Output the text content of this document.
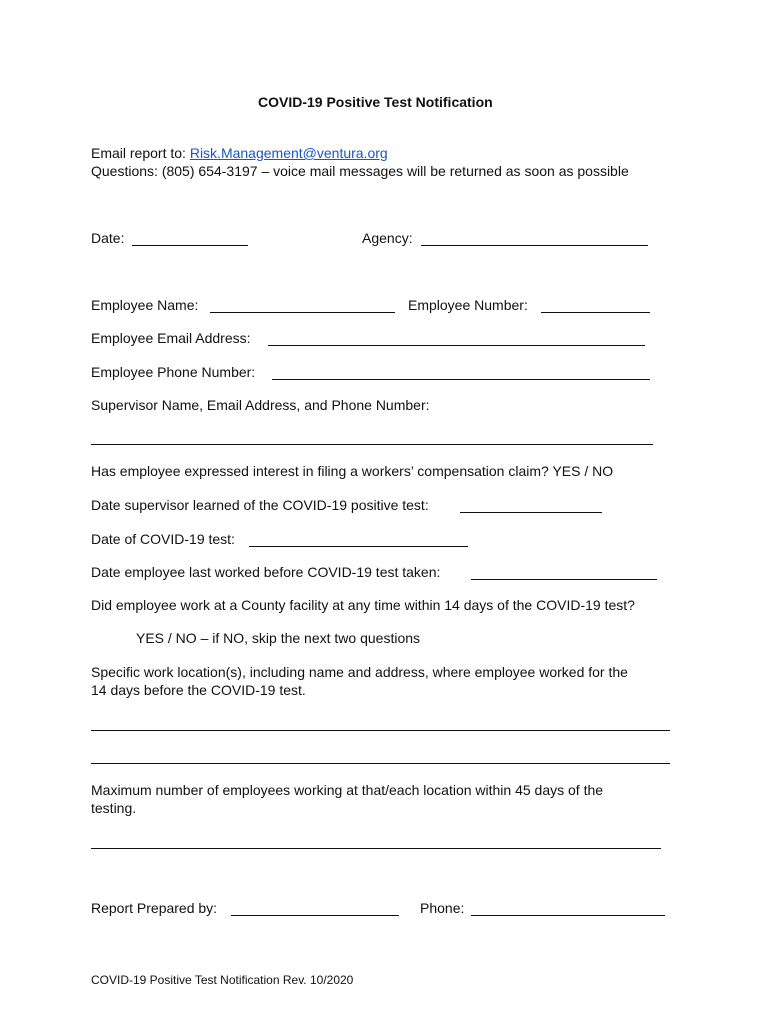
COVID-19 Positive Test Notification
Email report to: Risk.Management@ventura.org
Questions: (805) 654-3197 – voice mail messages will be returned as soon as possible
Date:	Agency:
Employee Name:	Employee Number:
Employee Email Address:
Employee Phone Number:
Supervisor Name, Email Address, and Phone Number:
Has employee expressed interest in filing a workers’ compensation claim? YES / NO
Date supervisor learned of the COVID-19 positive test:
Date of COVID-19 test:
Date employee last worked before COVID-19 test taken:
Did employee work at a County facility at any time within 14 days of the COVID-19 test?
YES / NO – if NO, skip the next two questions
Specific work location(s), including name and address, where employee worked for the
14 days before the COVID-19 test.
Maximum number of employees working at that/each location within 45 days of the
testing.
Report Prepared by:	Phone:
COVID-19 Positive Test Notification Rev. 10/2020
